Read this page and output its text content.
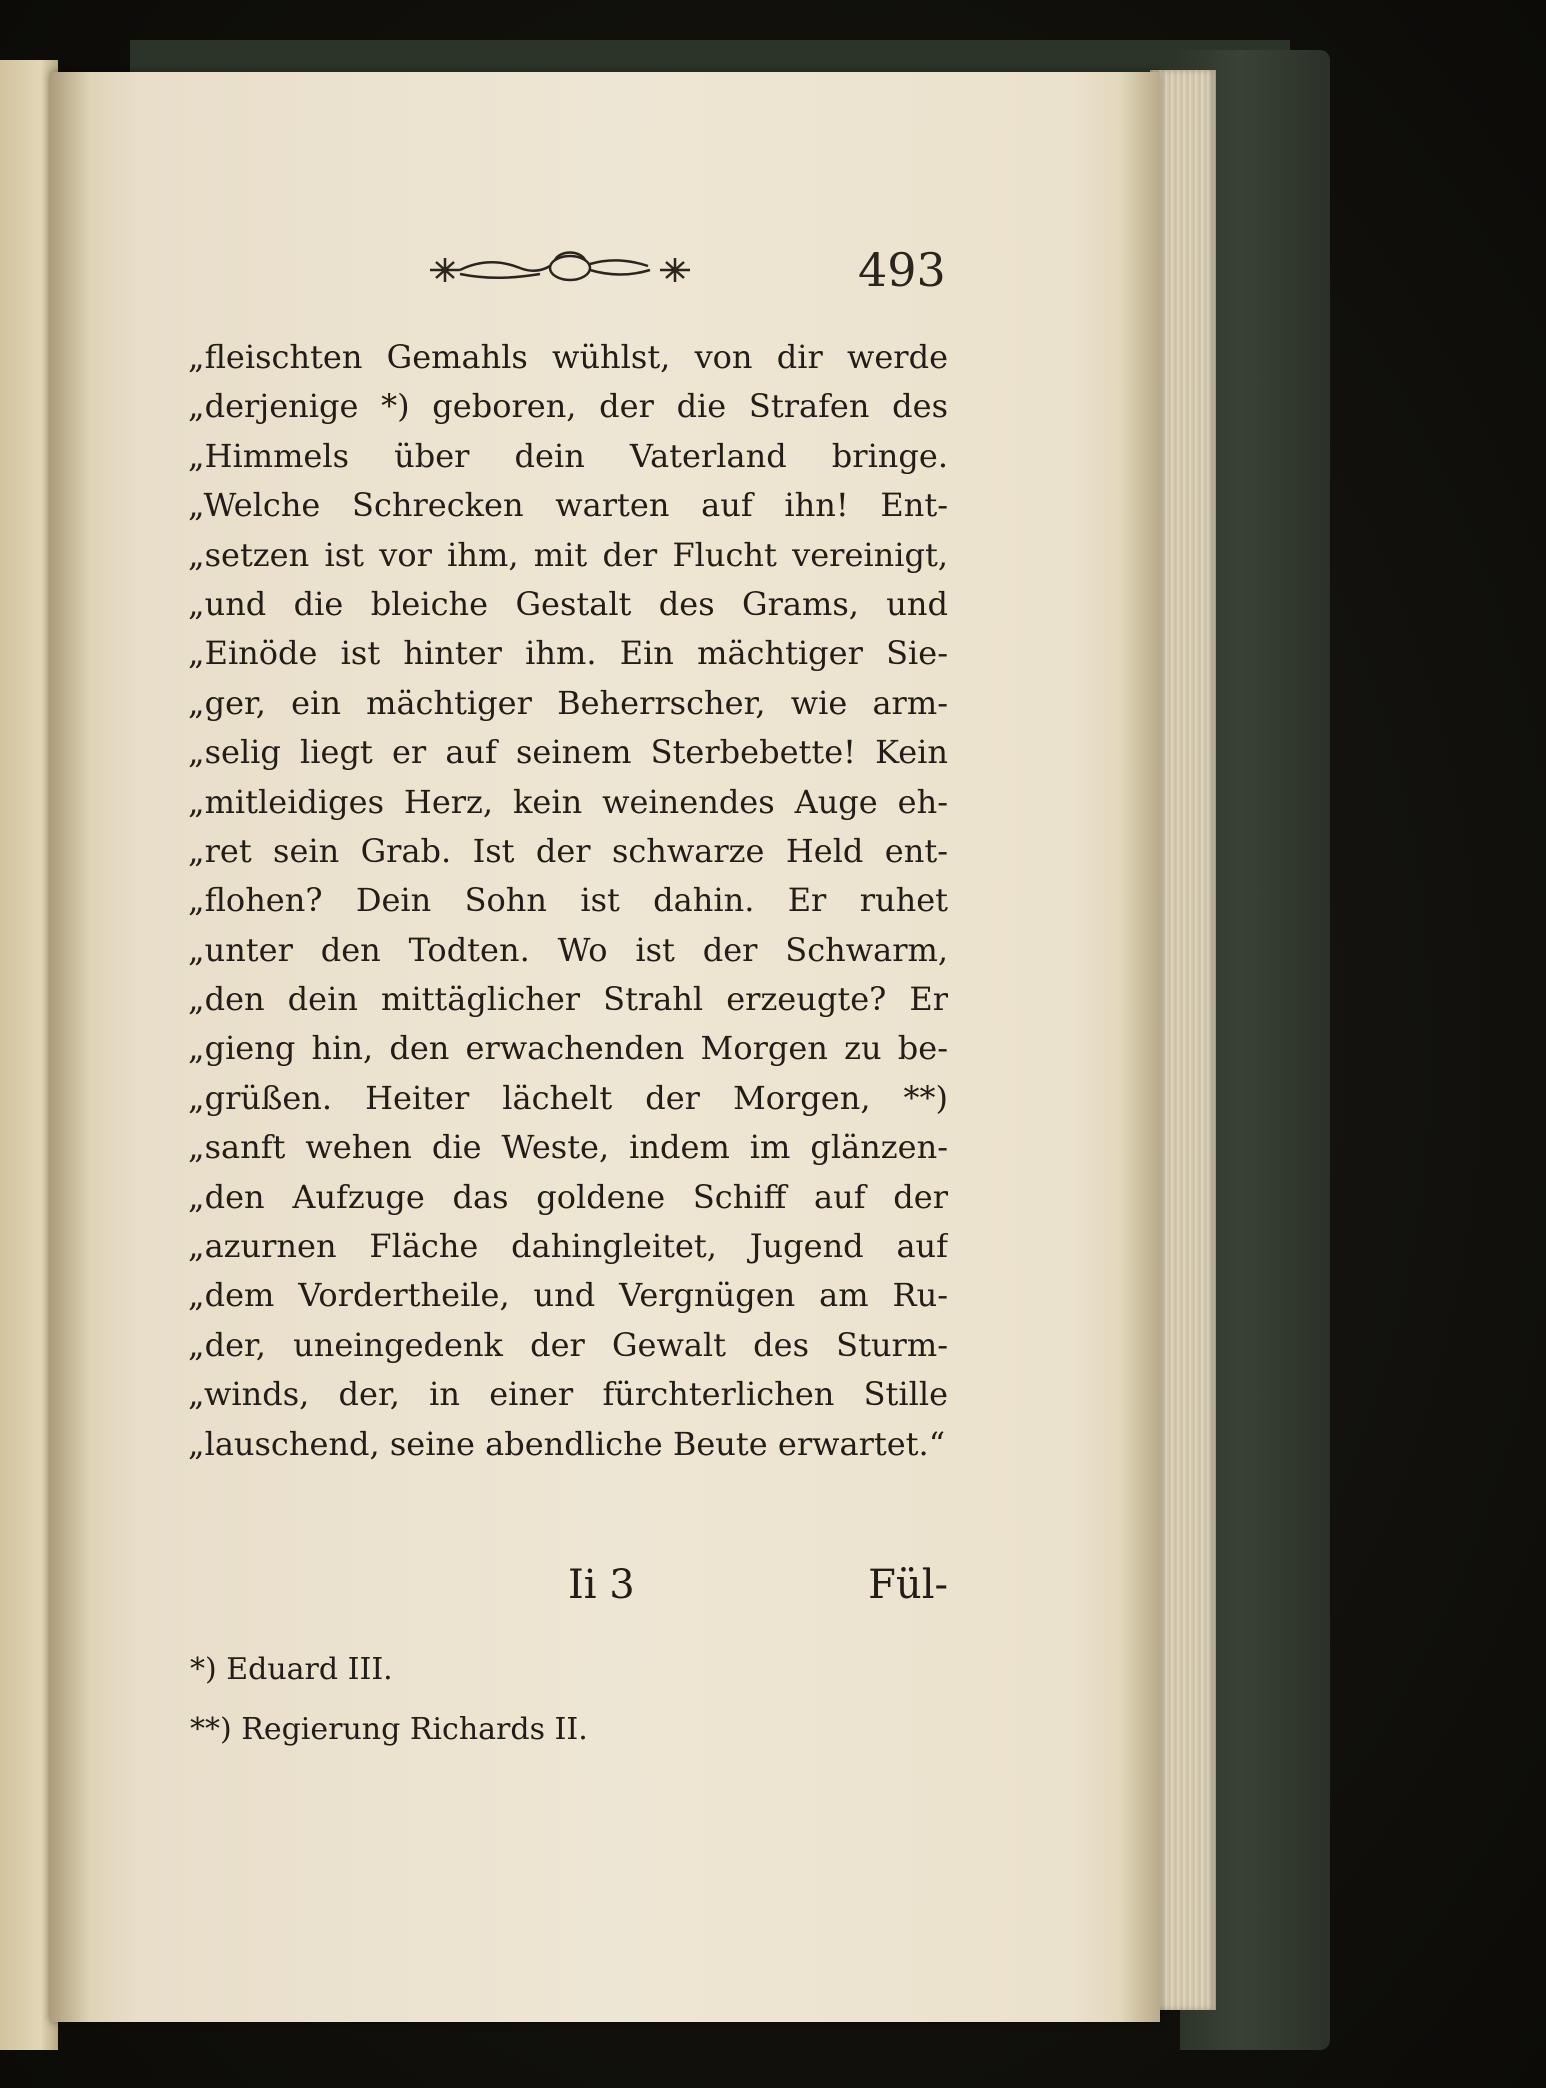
493
„fleischten Gemahls wühlst, von dir werde
„derjenige *) geboren, der die Strafen des
„Himmels über dein Vaterland bringe.
„Welche Schrecken warten auf ihn! Ent-
„setzen ist vor ihm, mit der Flucht vereinigt,
„und die bleiche Gestalt des Grams, und
„Einöde ist hinter ihm. Ein mächtiger Sie-
„ger, ein mächtiger Beherrscher, wie arm-
„selig liegt er auf seinem Sterbebette! Kein
„mitleidiges Herz, kein weinendes Auge eh-
„ret sein Grab. Ist der schwarze Held ent-
„flohen? Dein Sohn ist dahin. Er ruhet
„unter den Todten. Wo ist der Schwarm,
„den dein mittäglicher Strahl erzeugte? Er
„gieng hin, den erwachenden Morgen zu be-
„grüßen. Heiter lächelt der Morgen, **)
„sanft wehen die Weste, indem im glänzen-
„den Aufzuge das goldene Schiff auf der
„azurnen Fläche dahingleitet, Jugend auf
„dem Vordertheile, und Vergnügen am Ru-
„der, uneingedenk der Gewalt des Sturm-
„winds, der, in einer fürchterlichen Stille
„lauschend, seine abendliche Beute erwartet.“
Ii 3	Fül-
*) Eduard III.
**) Regierung Richards II.
